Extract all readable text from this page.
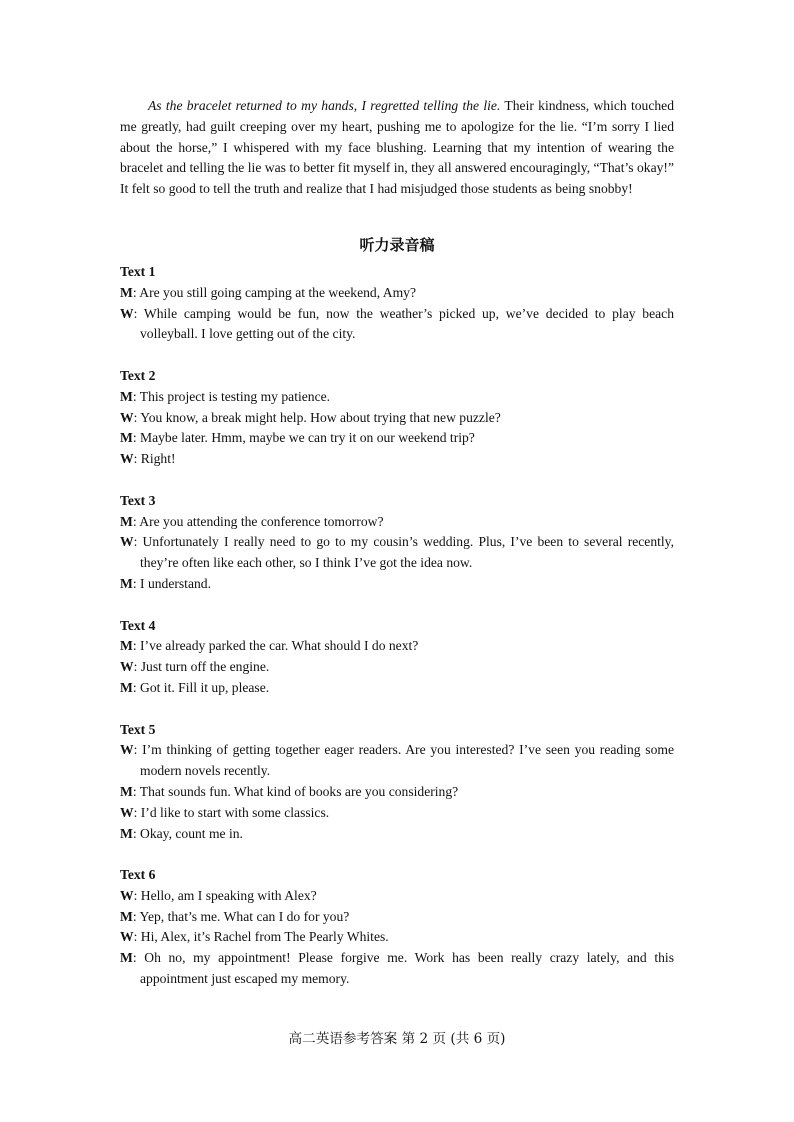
As the bracelet returned to my hands, I regretted telling the lie. Their kindness, which touched me greatly, had guilt creeping over my heart, pushing me to apologize for the lie. “I’m sorry I lied about the horse,” I whispered with my face blushing. Learning that my intention of wearing the bracelet and telling the lie was to better fit myself in, they all answered encouragingly, “That’s okay!” It felt so good to tell the truth and realize that I had misjudged those students as being snobby!

听力录音稿

Text 1

M: Are you still going camping at the weekend, Amy?

W: While camping would be fun, now the weather’s picked up, we’ve decided to play beach volleyball. I love getting out of the city.

Text 2

M: This project is testing my patience.

W: You know, a break might help. How about trying that new puzzle?

M: Maybe later. Hmm, maybe we can try it on our weekend trip?

W: Right!

Text 3

M: Are you attending the conference tomorrow?

W: Unfortunately I really need to go to my cousin’s wedding. Plus, I’ve been to several recently, they’re often like each other, so I think I’ve got the idea now.

M: I understand.

Text 4

M: I’ve already parked the car. What should I do next?

W: Just turn off the engine.

M: Got it. Fill it up, please.

Text 5

W: I’m thinking of getting together eager readers. Are you interested? I’ve seen you reading some modern novels recently.

M: That sounds fun. What kind of books are you considering?

W: I’d like to start with some classics.

M: Okay, count me in.

Text 6

W: Hello, am I speaking with Alex?

M: Yep, that’s me. What can I do for you?

W: Hi, Alex, it’s Rachel from The Pearly Whites.

M: Oh no, my appointment! Please forgive me. Work has been really crazy lately, and this appointment just escaped my memory.

高二英语参考答案 第 2 页 (共 6 页)
